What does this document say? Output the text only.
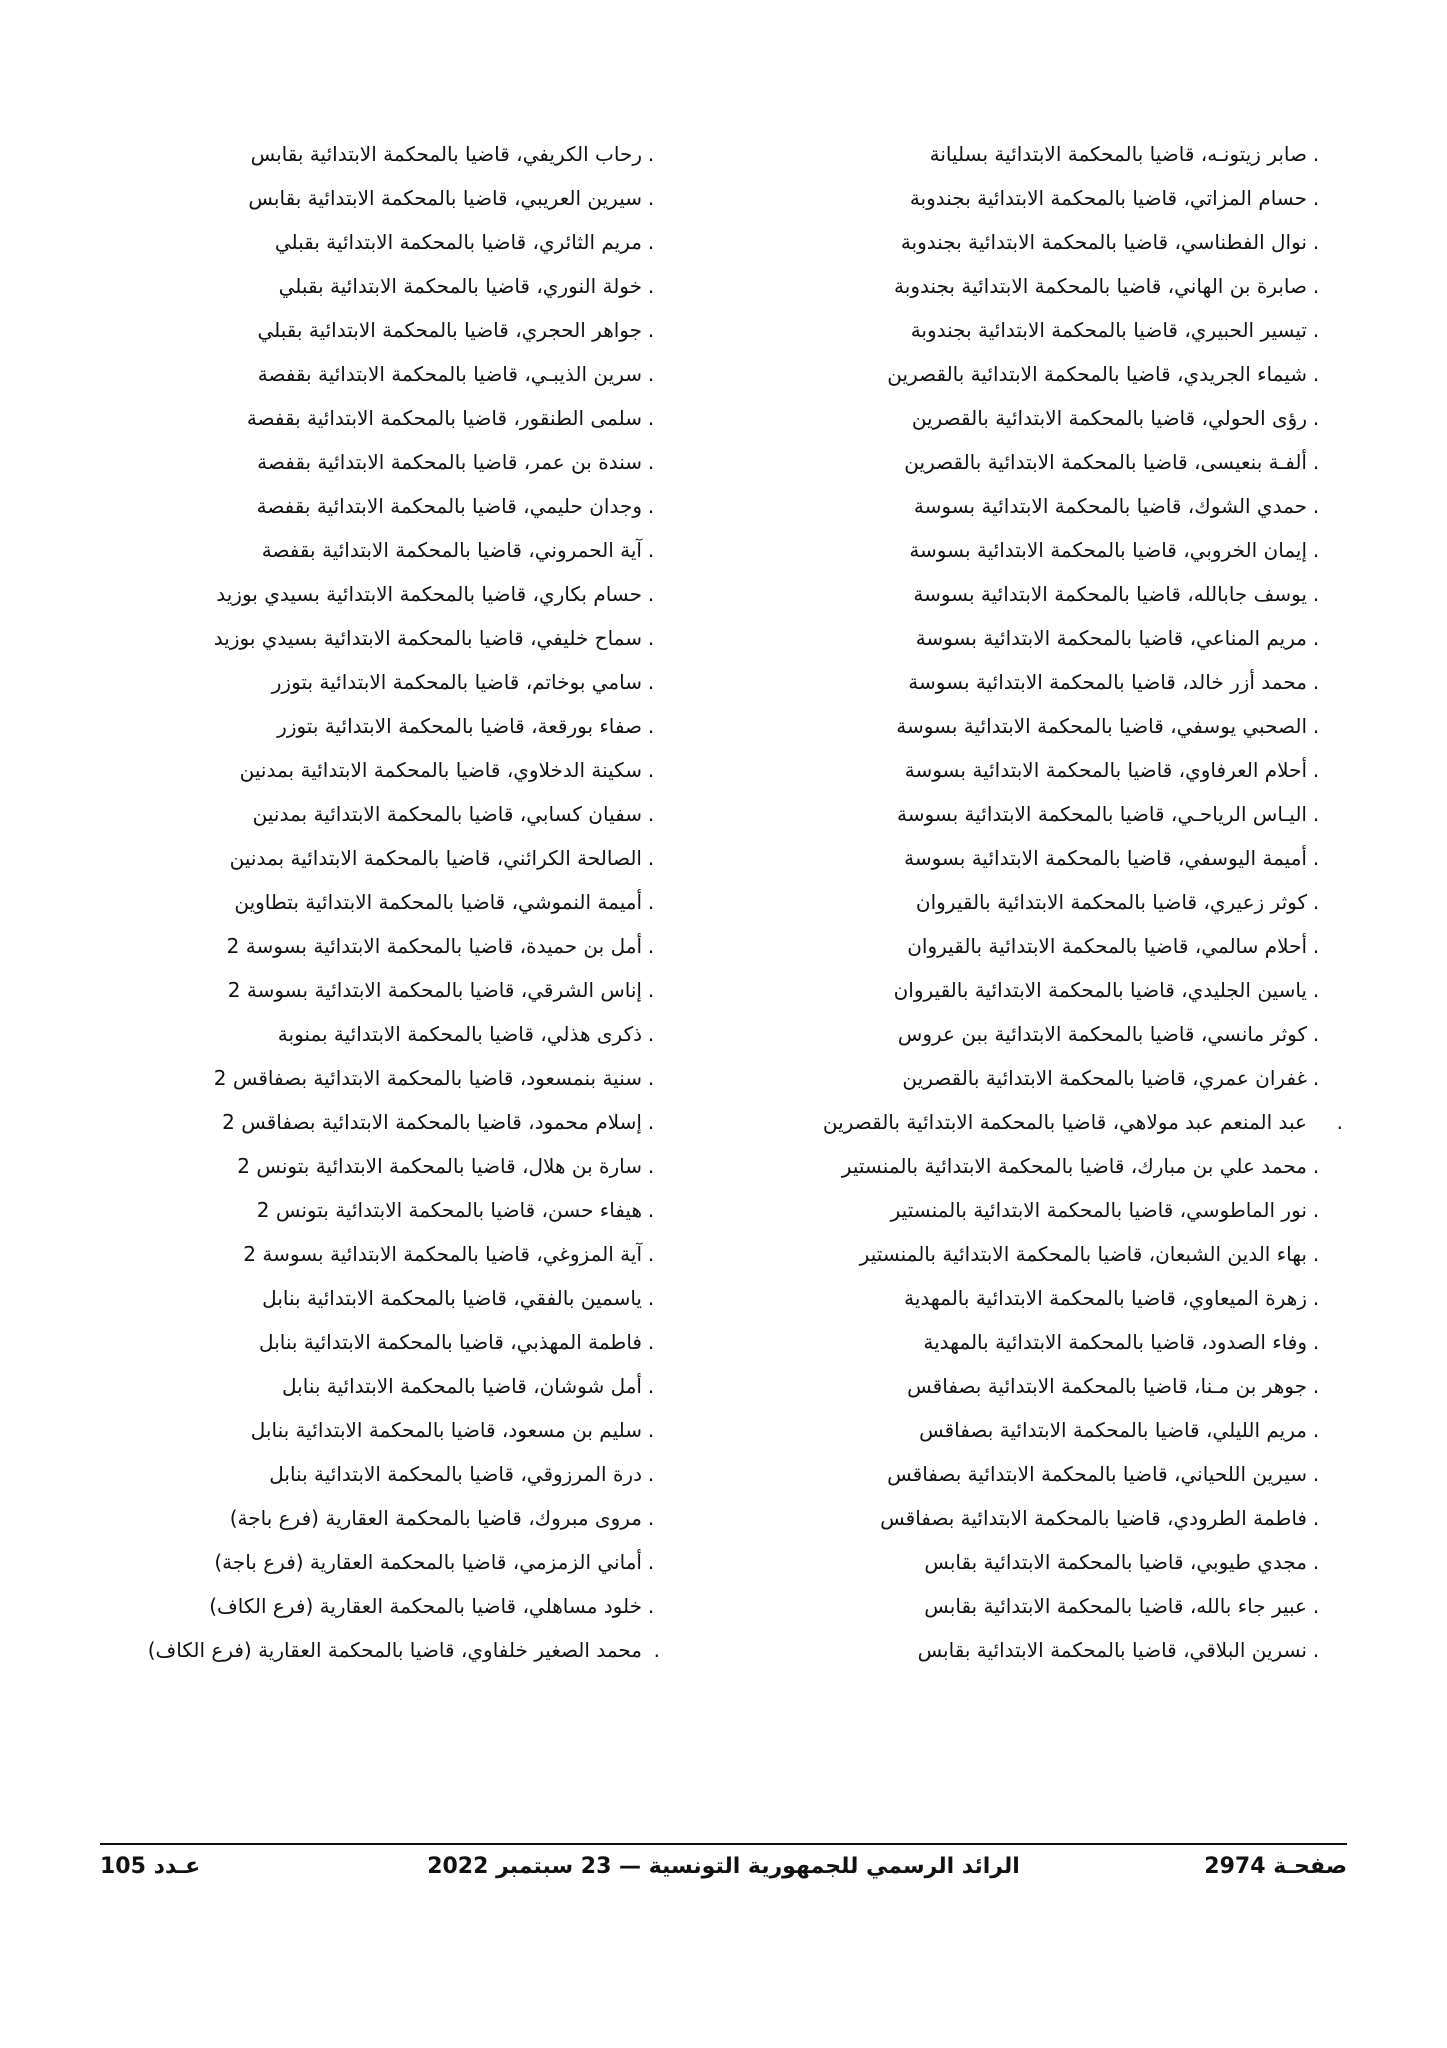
.صابر زيتونـه، قاضيا بالمحكمة الابتدائية بسليانة
.حسام المزاتي، قاضيا بالمحكمة الابتدائية بجندوبة
.نوال الفطناسي، قاضيا بالمحكمة الابتدائية بجندوبة
.صابرة بن الهاني، قاضيا بالمحكمة الابتدائية بجندوبة
.تيسير الحبيري، قاضيا بالمحكمة الابتدائية بجندوبة
.شيماء الجريدي، قاضيا بالمحكمة الابتدائية بالقصرين
.رؤى الحولي، قاضيا بالمحكمة الابتدائية بالقصرين
.ألفـة بنعيسى، قاضيا بالمحكمة الابتدائية بالقصرين
.حمدي الشوك، قاضيا بالمحكمة الابتدائية بسوسة
.إيمان الخروبي، قاضيا بالمحكمة الابتدائية بسوسة
.يوسف جابالله، قاضيا بالمحكمة الابتدائية بسوسة
.مريم المناعي، قاضيا بالمحكمة الابتدائية بسوسة
.محمد أزر خالد، قاضيا بالمحكمة الابتدائية بسوسة
.الصحبي يوسفي، قاضيا بالمحكمة الابتدائية بسوسة
.أحلام العرفاوي، قاضيا بالمحكمة الابتدائية بسوسة
.اليـاس الرياحـي، قاضيا بالمحكمة الابتدائية بسوسة
.أميمة اليوسفي، قاضيا بالمحكمة الابتدائية بسوسة
.كوثر زعيري، قاضيا بالمحكمة الابتدائية بالقيروان
.أحلام سالمي، قاضيا بالمحكمة الابتدائية بالقيروان
.ياسين الجليدي، قاضيا بالمحكمة الابتدائية بالقيروان
.كوثر مانسي، قاضيا بالمحكمة الابتدائية ببن عروس
.غفران عمري، قاضيا بالمحكمة الابتدائية بالقصرين
.عبد المنعم عبد مولاهي، قاضيا بالمحكمة الابتدائية بالقصرين
.محمد علي بن مبارك، قاضيا بالمحكمة الابتدائية بالمنستير
.نور الماطوسي، قاضيا بالمحكمة الابتدائية بالمنستير
.بهاء الدين الشبعان، قاضيا بالمحكمة الابتدائية بالمنستير
.زهرة الميعاوي، قاضيا بالمحكمة الابتدائية بالمهدية
.وفاء الصدود، قاضيا بالمحكمة الابتدائية بالمهدية
.جوهر بن مـنا، قاضيا بالمحكمة الابتدائية بصفاقس
.مريم الليلي، قاضيا بالمحكمة الابتدائية بصفاقس
.سيرين اللحياني، قاضيا بالمحكمة الابتدائية بصفاقس
.فاطمة الطرودي، قاضيا بالمحكمة الابتدائية بصفاقس
.مجدي طيوبي، قاضيا بالمحكمة الابتدائية بقابس
.عبير جاء بالله، قاضيا بالمحكمة الابتدائية بقابس
.نسرين البلاقي، قاضيا بالمحكمة الابتدائية بقابس
.رحاب الكريفي، قاضيا بالمحكمة الابتدائية بقابس
.سيرين العريبي، قاضيا بالمحكمة الابتدائية بقابس
.مريم الثائري، قاضيا بالمحكمة الابتدائية بقبلي
.خولة النوري، قاضيا بالمحكمة الابتدائية بقبلي
.جواهر الحجري، قاضيا بالمحكمة الابتدائية بقبلي
.سرين الذيبـي، قاضيا بالمحكمة الابتدائية بقفصة
.سلمى الطنقور، قاضيا بالمحكمة الابتدائية بقفصة
.سندة بن عمر، قاضيا بالمحكمة الابتدائية بقفصة
.وجدان حليمي، قاضيا بالمحكمة الابتدائية بقفصة
.آية الحمروني، قاضيا بالمحكمة الابتدائية بقفصة
.حسام بكاري، قاضيا بالمحكمة الابتدائية بسيدي بوزيد
.سماح خليفي، قاضيا بالمحكمة الابتدائية بسيدي بوزيد
.سامي بوخاتم، قاضيا بالمحكمة الابتدائية بتوزر
.صفاء بورقعة، قاضيا بالمحكمة الابتدائية بتوزر
.سكينة الدخلاوي، قاضيا بالمحكمة الابتدائية بمدنين
.سفيان كسابي، قاضيا بالمحكمة الابتدائية بمدنين
.الصالحة الكرائني، قاضيا بالمحكمة الابتدائية بمدنين
.أميمة النموشي، قاضيا بالمحكمة الابتدائية بتطاوين
.أمل بن حميدة، قاضيا بالمحكمة الابتدائية بسوسة 2
.إناس الشرقي، قاضيا بالمحكمة الابتدائية بسوسة 2
.ذكرى هذلي، قاضيا بالمحكمة الابتدائية بمنوبة
.سنية بنمسعود، قاضيا بالمحكمة الابتدائية بصفاقس 2
.إسلام محمود، قاضيا بالمحكمة الابتدائية بصفاقس 2
.سارة بن هلال، قاضيا بالمحكمة الابتدائية بتونس 2
.هيفاء حسن، قاضيا بالمحكمة الابتدائية بتونس 2
.آية المزوغي، قاضيا بالمحكمة الابتدائية بسوسة 2
.ياسمين بالفقي، قاضيا بالمحكمة الابتدائية بنابل
.فاطمة المهذبي، قاضيا بالمحكمة الابتدائية بنابل
.أمل شوشان، قاضيا بالمحكمة الابتدائية بنابل
.سليم بن مسعود، قاضيا بالمحكمة الابتدائية بنابل
.درة المرزوقي، قاضيا بالمحكمة الابتدائية بنابل
.مروى مبروك، قاضيا بالمحكمة العقارية (فرع باجة)
.أماني الزمزمي، قاضيا بالمحكمة العقارية (فرع باجة)
.خلود مساهلي، قاضيا بالمحكمة العقارية (فرع الكاف)
.محمد الصغير خلفاوي، قاضيا بالمحكمة العقارية (فرع الكاف)
صفحـة 2974
الرائد الرسمي للجمهورية التونسية — 23 سبتمبر 2022
عـدد 105
